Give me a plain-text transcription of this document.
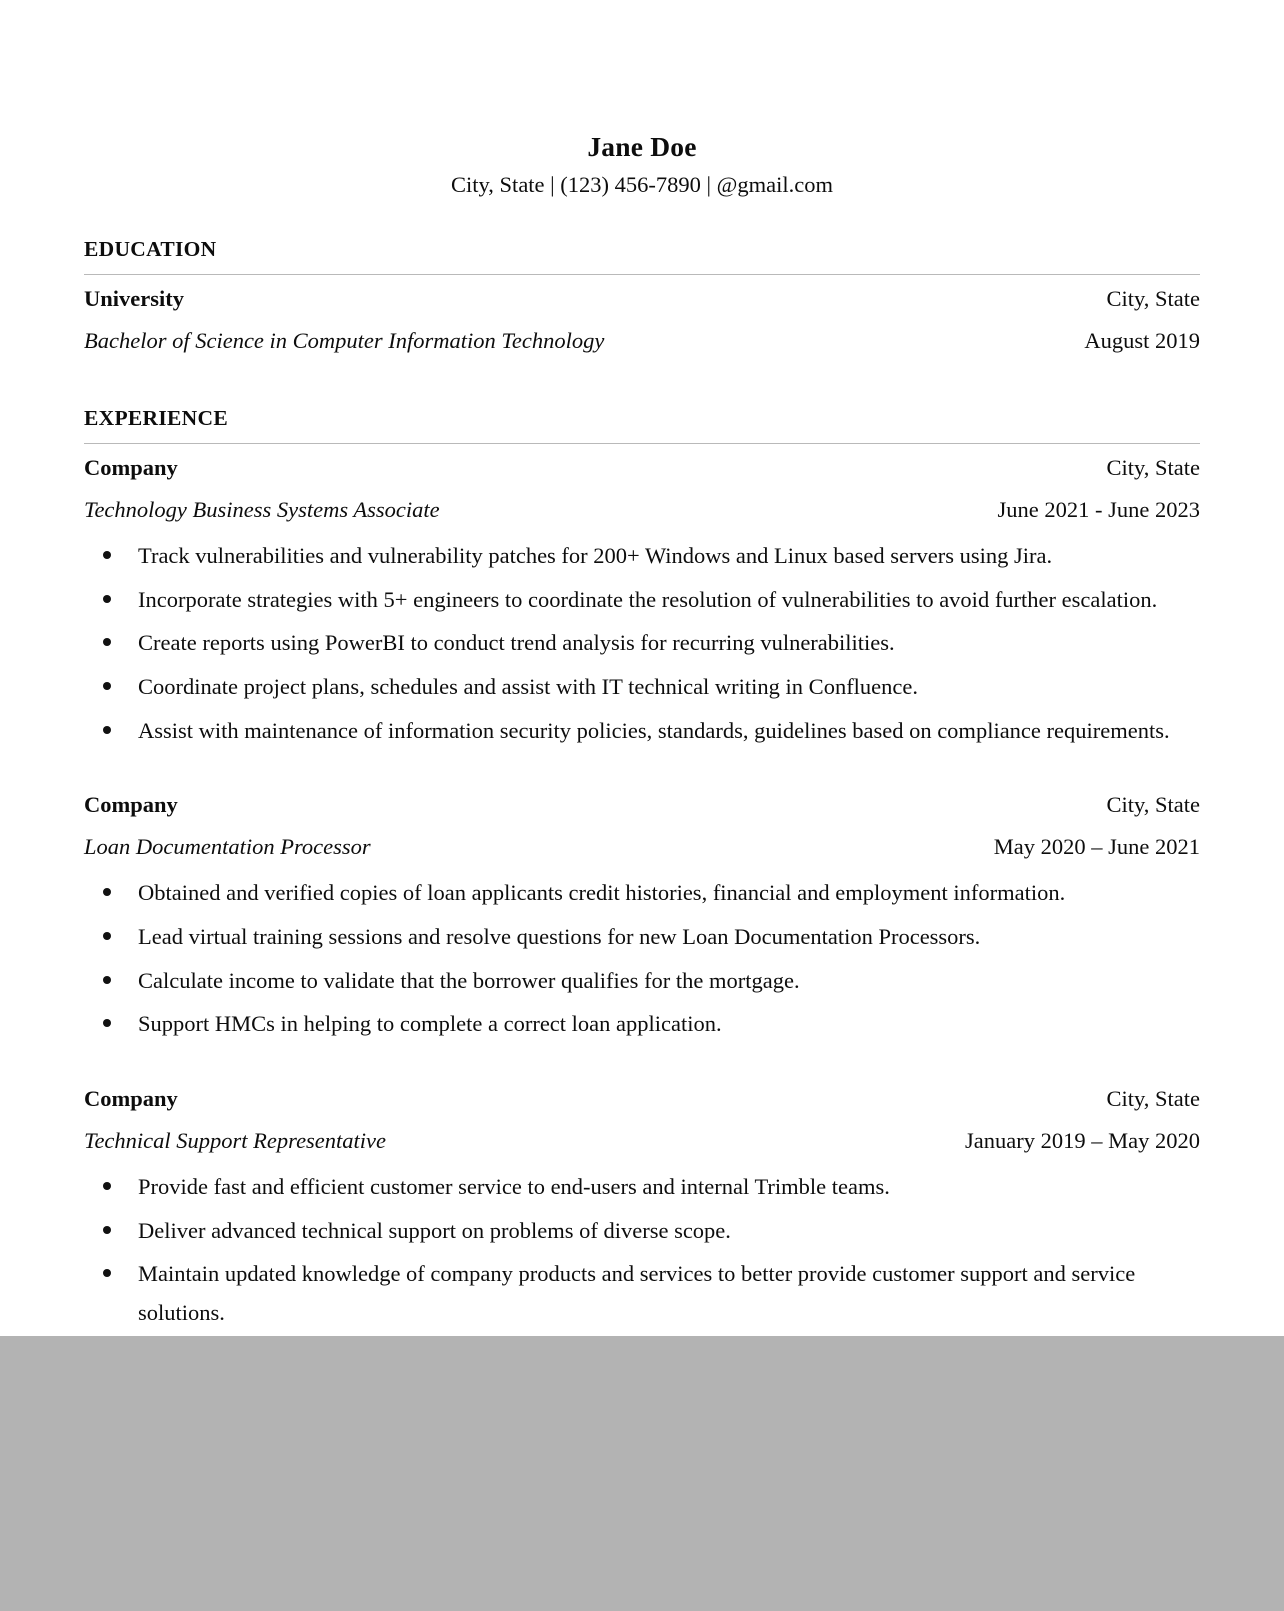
Jane Doe
City, State | (123) 456-7890 | @gmail.com
EDUCATION
University	City, State
Bachelor of Science in Computer Information Technology	August 2019
EXPERIENCE
Company	City, State
Technology Business Systems Associate	June 2021 - June 2023
Track vulnerabilities and vulnerability patches for 200+ Windows and Linux based servers using Jira.
Incorporate strategies with 5+ engineers to coordinate the resolution of vulnerabilities to avoid further escalation.
Create reports using PowerBI to conduct trend analysis for recurring vulnerabilities.
Coordinate project plans, schedules and assist with IT technical writing in Confluence.
Assist with maintenance of information security policies, standards, guidelines based on compliance requirements.
Company	City, State
Loan Documentation Processor	May 2020 – June 2021
Obtained and verified copies of loan applicants credit histories, financial and employment information.
Lead virtual training sessions and resolve questions for new Loan Documentation Processors.
Calculate income to validate that the borrower qualifies for the mortgage.
Support HMCs in helping to complete a correct loan application.
Company	City, State
Technical Support Representative	January 2019 – May 2020
Provide fast and efficient customer service to end-users and internal Trimble teams.
Deliver advanced technical support on problems of diverse scope.
Maintain updated knowledge of company products and services to better provide customer support and service solutions.
